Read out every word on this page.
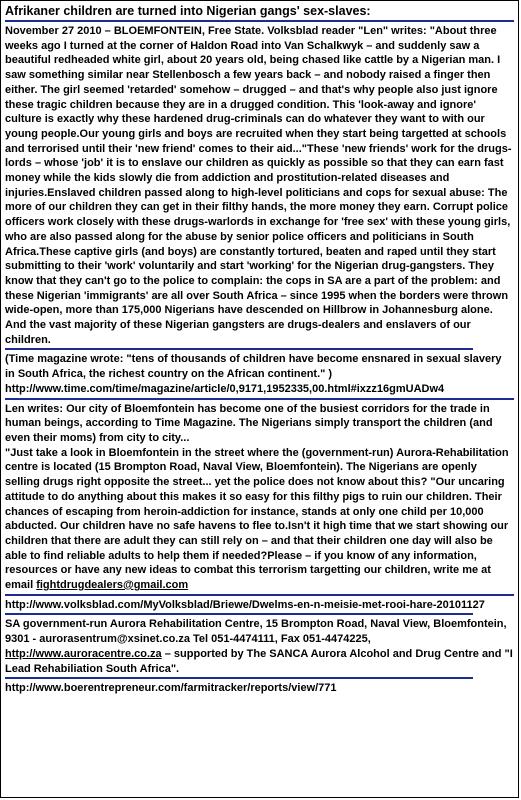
Afrikaner children are turned into Nigerian gangs' sex-slaves:
November 27 2010 – BLOEMFONTEIN, Free State. Volksblad reader "Len" writes: "About three weeks ago I turned at the corner of Haldon Road into Van Schalkwyk – and suddenly saw a beautiful redheaded white girl, about 20 years old, being chased like cattle by a Nigerian man. I saw something similar near Stellenbosch a few years back – and nobody raised a finger then either. The girl seemed 'retarded' somehow – drugged – and that's why people also just ignore these tragic children because they are in a drugged condition. This 'look-away and ignore' culture is exactly why these hardened drug-criminals can do whatever they want to with our young people.Our young girls and boys are recruited when they start being targetted at schools and terrorised until their 'new friend' comes to their aid..."These 'new friends' work for the drugs-lords – whose 'job' it is to enslave our children as quickly as possible so that they can earn fast money while the kids slowly die from addiction and prostitution-related diseases and injuries.Enslaved children passed along to high-level politicians and cops for sexual abuse: The more of our children they can get in their filthy hands, the more money they earn. Corrupt police officers work closely with these drugs-warlords in exchange for 'free sex' with these young girls, who are also passed along for the abuse by senior police officers and politicians in South Africa.These captive girls (and boys) are constantly tortured, beaten and raped until they start submitting to their 'work' voluntarily and start 'working' for the Nigerian drug-gangsters. They know that they can't go to the police to complain: the cops in SA are a part of the problem: and these Nigerian 'immigrants' are all over South Africa – since 1995 when the borders were thrown wide-open, more than 175,000 Nigerians have descended on Hillbrow in Johannesburg alone. And the vast majority of these Nigerian gangsters are drugs-dealers and enslavers of our children.
(Time magazine wrote: "tens of thousands of children have become ensnared in sexual slavery in South Africa, the richest country on the African continent." )
http://www.time.com/time/magazine/article/0,9171,1952335,00.html#ixzz16gmUADw4
Len writes: Our city of Bloemfontein has become one of the busiest corridors for the trade in human beings, according to Time Magazine. The Nigerians simply transport the children (and even their moms) from city to city...
"Just take a look in Bloemfontein in the street where the (government-run) Aurora-Rehabilitation centre is located (15 Brompton Road, Naval View, Bloemfontein). The Nigerians are openly selling drugs right opposite the street... yet the police does not know about this? "Our uncaring attitude to do anything about this makes it so easy for this filthy pigs to ruin our children. Their chances of escaping from heroin-addiction for instance, stands at only one child per 10,000 abducted. Our children have no safe havens to flee to.Isn't it high time that we start showing our children that there are adult they can still rely on – and that their children one day will also be able to find reliable adults to help them if needed?Please – if you know of any information, resources or have any new ideas to combat this terrorism targetting our children, write me at email fightdrugdealers@gmail.com
http://www.volksblad.com/MyVolksblad/Briewe/Dwelms-en-n-meisie-met-rooi-hare-20101127
SA government-run Aurora Rehabilitation Centre, 15 Brompton Road, Naval View, Bloemfontein, 9301 - aurorasentrum@xsinet.co.za Tel 051-4474111, Fax 051-4474225, http://www.auroracentre.co.za – supported by The SANCA Aurora Alcohol and Drug Centre and "I Lead Rehabiliation South Africa".
http://www.boerentrepreneur.com/farmitracker/reports/view/771
